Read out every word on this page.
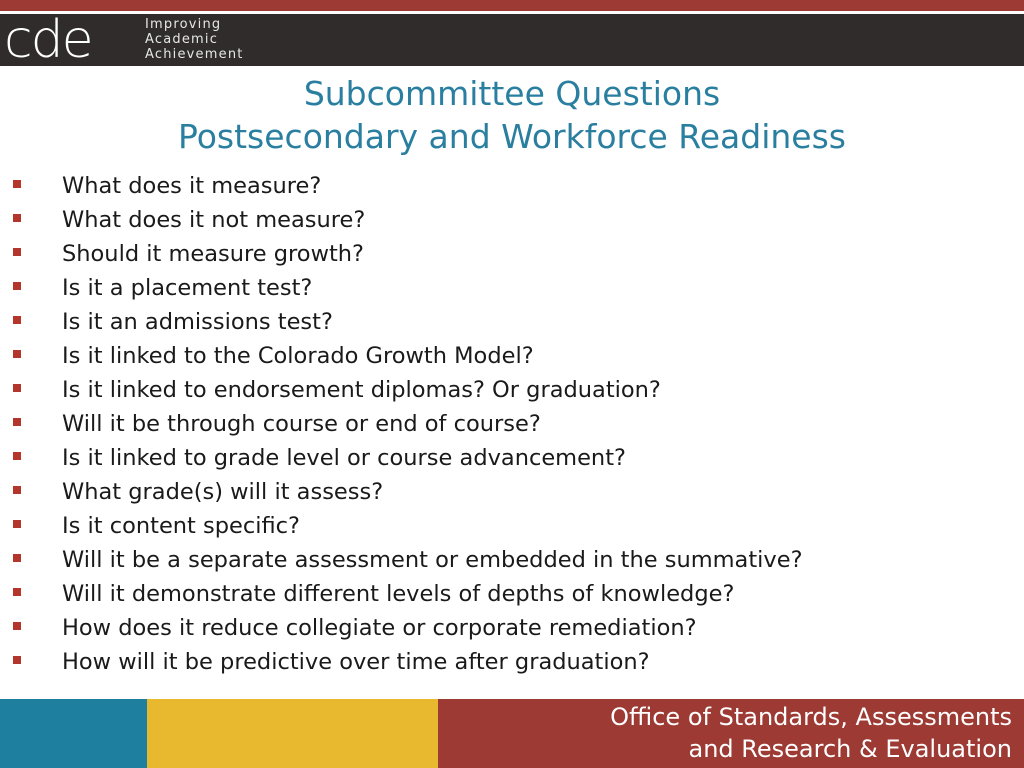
cde	Improving
Academic
Achievement
Subcommittee Questions
Postsecondary and Workforce Readiness
What does it measure?
What does it not measure?
Should it measure growth?
Is it a placement test?
Is it an admissions test?
Is it linked to the Colorado Growth Model?
Is it linked to endorsement diplomas? Or graduation?
Will it be through course or end of course?
Is it linked to grade level or course advancement?
What grade(s) will it assess?
Is it content specific?
Will it be a separate assessment or embedded in the summative?
Will it demonstrate different levels of depths of knowledge?
How does it reduce collegiate or corporate remediation?
How will it be predictive over time after graduation?
Office of Standards, Assessments
and Research & Evaluation
